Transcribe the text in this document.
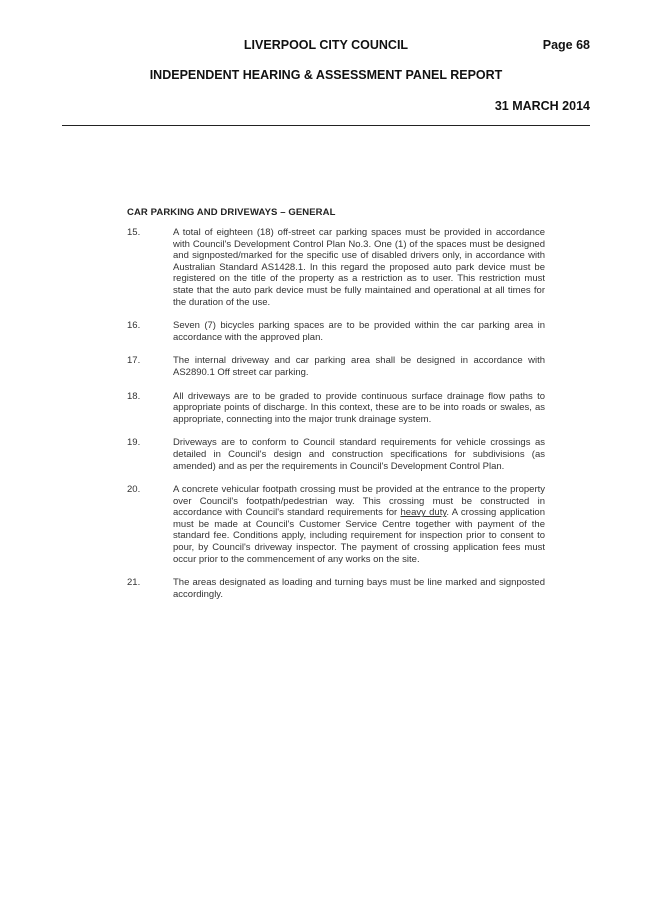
LIVERPOOL CITY COUNCIL	Page 68
INDEPENDENT HEARING & ASSESSMENT PANEL REPORT
31 MARCH 2014
CAR PARKING AND DRIVEWAYS – GENERAL
15.	A total of eighteen (18) off-street car parking spaces must be provided in accordance with Council's Development Control Plan No.3. One (1) of the spaces must be designed and signposted/marked for the specific use of disabled drivers only, in accordance with Australian Standard AS1428.1. In this regard the proposed auto park device must be registered on the title of the property as a restriction as to user. This restriction must state that the auto park device must be fully maintained and operational at all times for the duration of the use.
16.	Seven (7) bicycles parking spaces are to be provided within the car parking area in accordance with the approved plan.
17.	The internal driveway and car parking area shall be designed in accordance with AS2890.1 Off street car parking.
18.	All driveways are to be graded to provide continuous surface drainage flow paths to appropriate points of discharge. In this context, these are to be into roads or swales, as appropriate, connecting into the major trunk drainage system.
19.	Driveways are to conform to Council standard requirements for vehicle crossings as detailed in Council's design and construction specifications for subdivisions (as amended) and as per the requirements in Council's Development Control Plan.
20.	A concrete vehicular footpath crossing must be provided at the entrance to the property over Council's footpath/pedestrian way. This crossing must be constructed in accordance with Council's standard requirements for heavy duty. A crossing application must be made at Council's Customer Service Centre together with payment of the standard fee. Conditions apply, including requirement for inspection prior to consent to pour, by Council's driveway inspector. The payment of crossing application fees must occur prior to the commencement of any works on the site.
21.	The areas designated as loading and turning bays must be line marked and signposted accordingly.
